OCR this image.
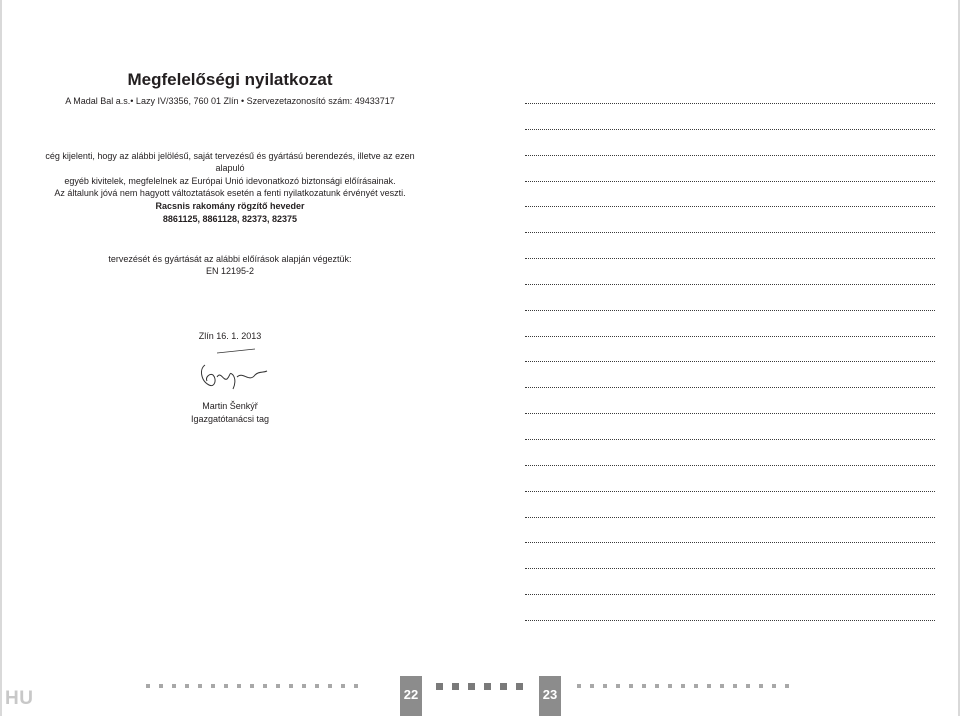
Megfelelőségi nyilatkozat
A Madal Bal a.s.• Lazy IV/3356, 760 01 Zlín • Szervezetazonosító szám: 49433717
cég kijelenti, hogy az alábbi jelölésű, saját tervezésű és gyártású berendezés, illetve az ezen alapuló
egyéb kivitelek, megfelelnek az Európai Unió idevonatkozó biztonsági előírásainak.
Az általunk jóvá nem hagyott változtatások esetén a fenti nyilatkozatunk érvényét veszti.
Racsnis rakomány rögzítő heveder
8861125, 8861128, 82373, 82375
tervezését és gyártását az alábbi előírások alapján végeztük:
EN 12195-2
Zlín 16. 1. 2013
Martin Šenkýř
Igazgatótanácsi tag
HU	22	23
